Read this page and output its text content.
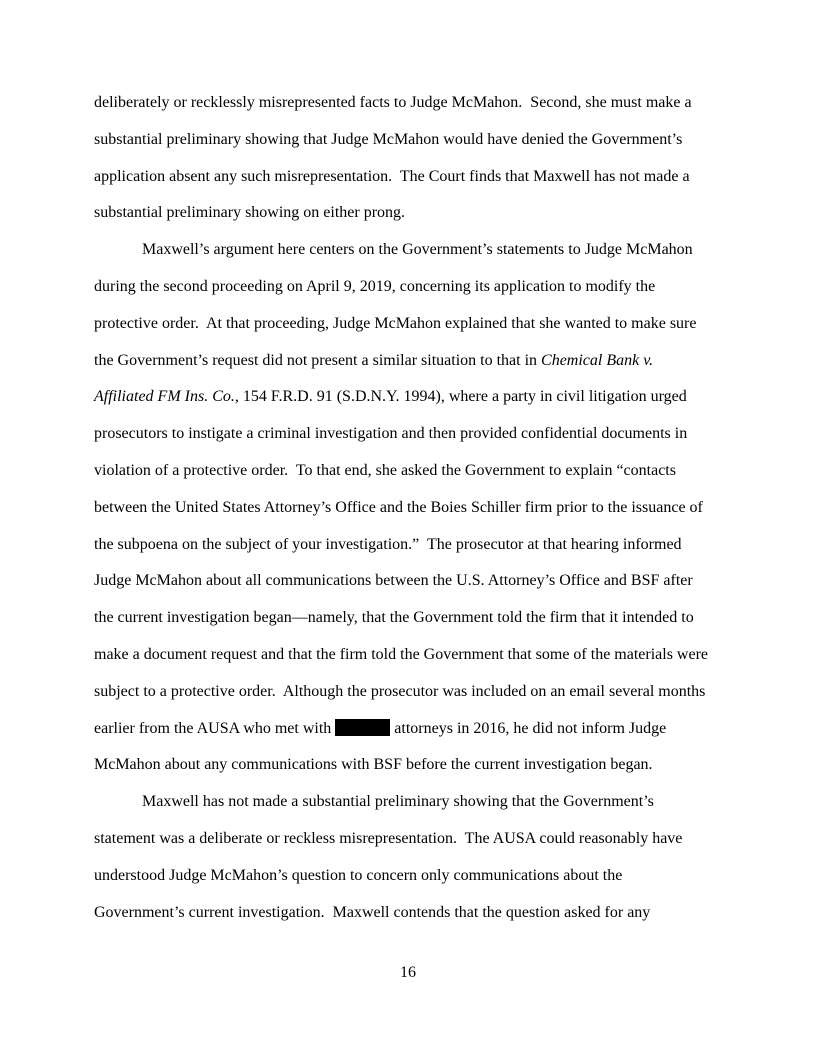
deliberately or recklessly misrepresented facts to Judge McMahon.  Second, she must make a
substantial preliminary showing that Judge McMahon would have denied the Government’s
application absent any such misrepresentation.  The Court finds that Maxwell has not made a
substantial preliminary showing on either prong.
Maxwell’s argument here centers on the Government’s statements to Judge McMahon
during the second proceeding on April 9, 2019, concerning its application to modify the
protective order.  At that proceeding, Judge McMahon explained that she wanted to make sure
the Government’s request did not present a similar situation to that in Chemical Bank v.
Affiliated FM Ins. Co., 154 F.R.D. 91 (S.D.N.Y. 1994), where a party in civil litigation urged
prosecutors to instigate a criminal investigation and then provided confidential documents in
violation of a protective order.  To that end, she asked the Government to explain “contacts
between the United States Attorney’s Office and the Boies Schiller firm prior to the issuance of
the subpoena on the subject of your investigation.”  The prosecutor at that hearing informed
Judge McMahon about all communications between the U.S. Attorney’s Office and BSF after
the current investigation began—namely, that the Government told the firm that it intended to
make a document request and that the firm told the Government that some of the materials were
subject to a protective order.  Although the prosecutor was included on an email several months
earlier from the AUSA who met with	attorneys in 2016, he did not inform Judge
McMahon about any communications with BSF before the current investigation began.
Maxwell has not made a substantial preliminary showing that the Government’s
statement was a deliberate or reckless misrepresentation.  The AUSA could reasonably have
understood Judge McMahon’s question to concern only communications about the
Government’s current investigation.  Maxwell contends that the question asked for any
16
